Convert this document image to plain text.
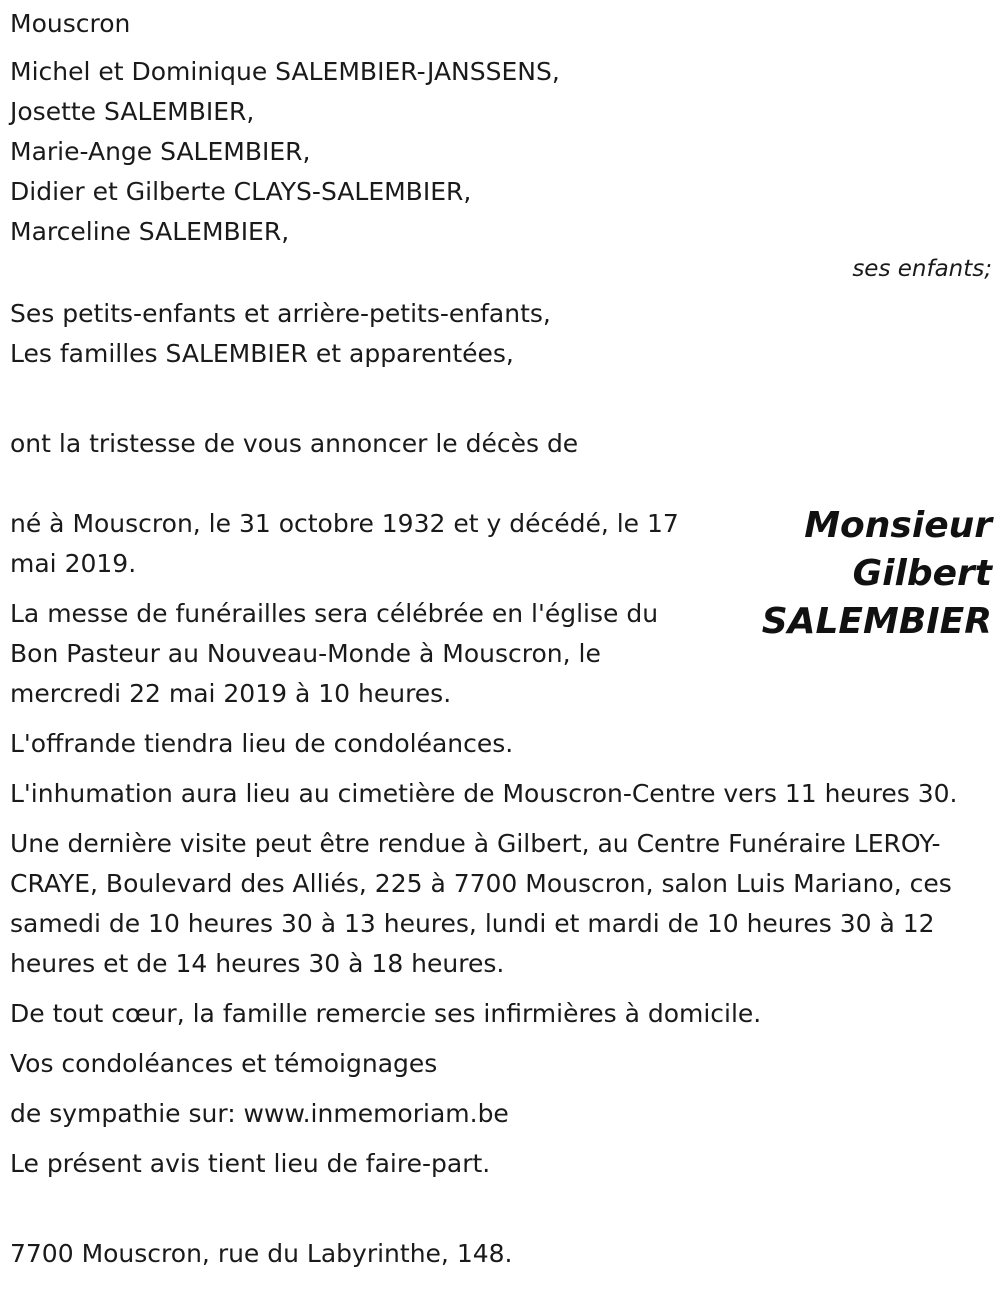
Mouscron
Michel et Dominique SALEMBIER-JANSSENS,
Josette SALEMBIER,
Marie-Ange SALEMBIER,
Didier et Gilberte CLAYS-SALEMBIER,
Marceline SALEMBIER,
ses enfants;
Ses petits-enfants et arrière-petits-enfants,
Les familles SALEMBIER et apparentées,
ont la tristesse de vous annoncer le décès de
Monsieur
Gilbert
SALEMBIER
né à Mouscron, le 31 octobre 1932 et y décédé, le 17 mai 2019.
La messe de funérailles sera célébrée en l'église du Bon Pasteur au Nouveau-Monde à Mouscron, le mercredi 22 mai 2019 à 10 heures.
L'offrande tiendra lieu de condoléances.
L'inhumation aura lieu au cimetière de Mouscron-Centre vers 11 heures 30.
Une dernière visite peut être rendue à Gilbert, au Centre Funéraire LEROY-CRAYE, Boulevard des Alliés, 225 à 7700 Mouscron, salon Luis Mariano, ces samedi de 10 heures 30 à 13 heures, lundi et mardi de 10 heures 30 à 12 heures et de 14 heures 30 à 18 heures.
De tout cœur, la famille remercie ses infirmières à domicile.
Vos condoléances et témoignages
de sympathie sur: www.inmemoriam.be
Le présent avis tient lieu de faire-part.
7700 Mouscron, rue du Labyrinthe, 148.
